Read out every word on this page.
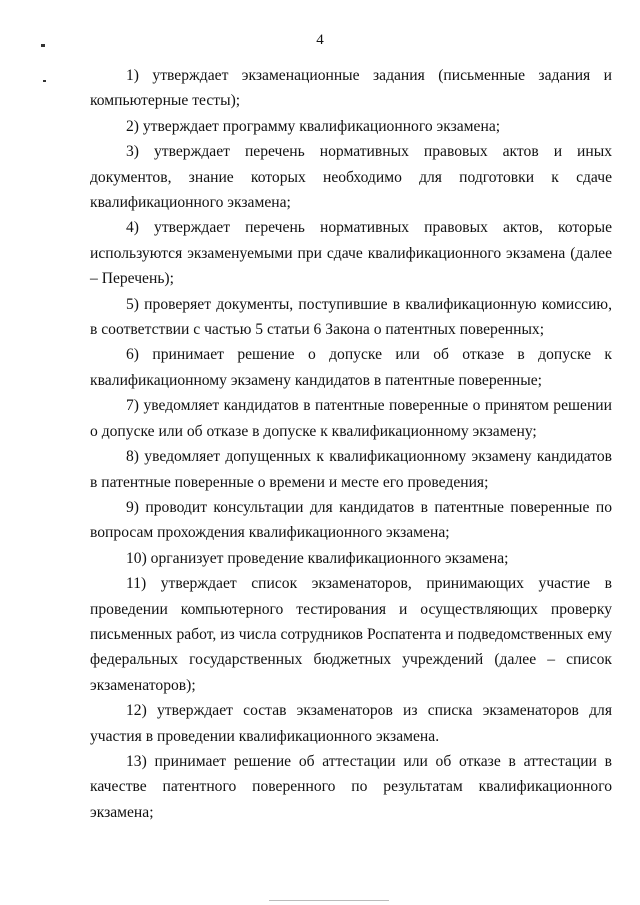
4

1) утверждает экзаменационные задания (письменные задания и компьютерные тесты);

2) утверждает программу квалификационного экзамена;

3) утверждает перечень нормативных правовых актов и иных документов, знание которых необходимо для подготовки к сдаче квалификационного экзамена;

4) утверждает перечень нормативных правовых актов, которые используются экзаменуемыми при сдаче квалификационного экзамена (далее – Перечень);

5) проверяет документы, поступившие в квалификационную комиссию, в соответствии с частью 5 статьи 6 Закона о патентных поверенных;

6) принимает решение о допуске или об отказе в допуске к квалификационному экзамену кандидатов в патентные поверенные;

7) уведомляет кандидатов в патентные поверенные о принятом решении о допуске или об отказе в допуске к квалификационному экзамену;

8) уведомляет допущенных к квалификационному экзамену кандидатов в патентные поверенные о времени и месте его проведения;

9) проводит консультации для кандидатов в патентные поверенные по вопросам прохождения квалификационного экзамена;

10) организует проведение квалификационного экзамена;

11) утверждает список экзаменаторов, принимающих участие в проведении компьютерного тестирования и осуществляющих проверку письменных работ, из числа сотрудников Роспатента и подведомственных ему федеральных государственных бюджетных учреждений (далее – список экзаменаторов);

12) утверждает состав экзаменаторов из списка экзаменаторов для участия в проведении квалификационного экзамена.

13) принимает решение об аттестации или об отказе в аттестации в качестве патентного поверенного по результатам квалификационного экзамена;
